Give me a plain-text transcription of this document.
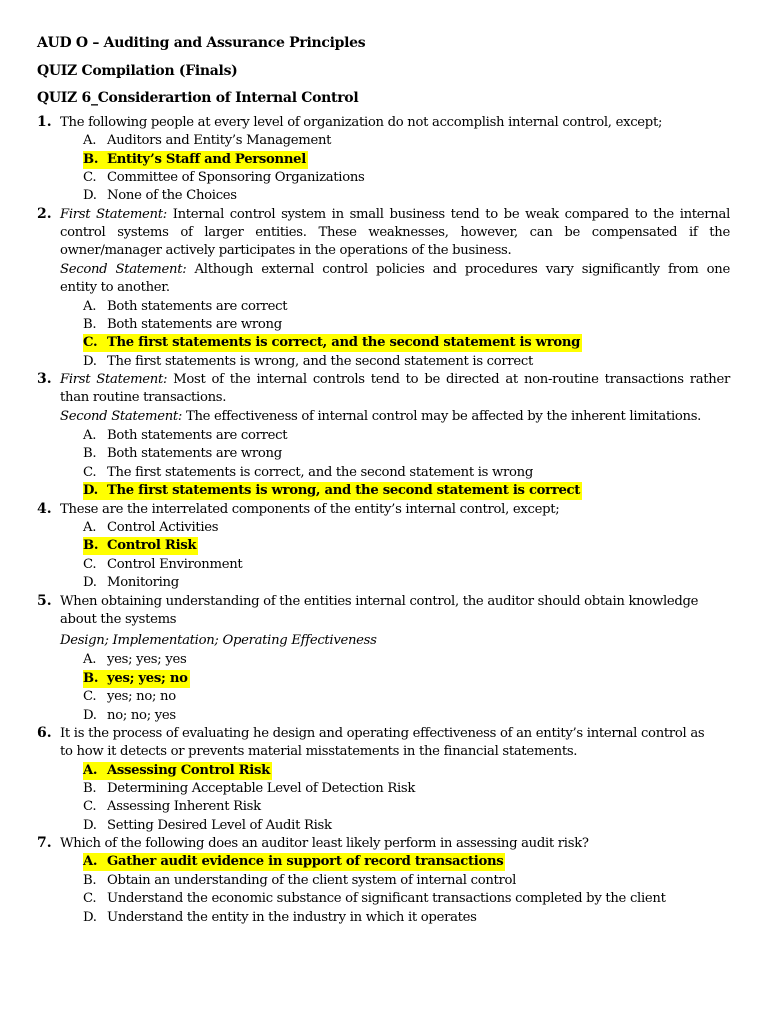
AUD O – Auditing and Assurance Principles
QUIZ Compilation (Finals)
QUIZ 6_Considerartion of Internal Control
1. The following people at every level of organization do not accomplish internal control, except;
A. Auditors and Entity’s Management
B. Entity’s Staff and Personnel
C. Committee of Sponsoring Organizations
D. None of the Choices
2. First Statement: Internal control system in small business tend to be weak compared to the internal
control systems of larger entities. These weaknesses, however, can be compensated if the
owner/manager actively participates in the operations of the business.
Second Statement: Although external control policies and procedures vary significantly from one
entity to another.
A. Both statements are correct
B. Both statements are wrong
C. The first statements is correct, and the second statement is wrong
D. The first statements is wrong, and the second statement is correct
3. First Statement: Most of the internal controls tend to be directed at non-routine transactions rather
than routine transactions.
Second Statement: The effectiveness of internal control may be affected by the inherent limitations.
A. Both statements are correct
B. Both statements are wrong
C. The first statements is correct, and the second statement is wrong
D. The first statements is wrong, and the second statement is correct
4. These are the interrelated components of the entity’s internal control, except;
A. Control Activities
B. Control Risk
C. Control Environment
D. Monitoring
5. When obtaining understanding of the entities internal control, the auditor should obtain knowledge
about the systems
Design; Implementation; Operating Effectiveness
A. yes; yes; yes
B. yes; yes; no
C. yes; no; no
D. no; no; yes
6. It is the process of evaluating he design and operating effectiveness of an entity’s internal control as
to how it detects or prevents material misstatements in the financial statements.
A. Assessing Control Risk
B. Determining Acceptable Level of Detection Risk
C. Assessing Inherent Risk
D. Setting Desired Level of Audit Risk
7. Which of the following does an auditor least likely perform in assessing audit risk?
A. Gather audit evidence in support of record transactions
B. Obtain an understanding of the client system of internal control
C. Understand the economic substance of significant transactions completed by the client
D. Understand the entity in the industry in which it operates
